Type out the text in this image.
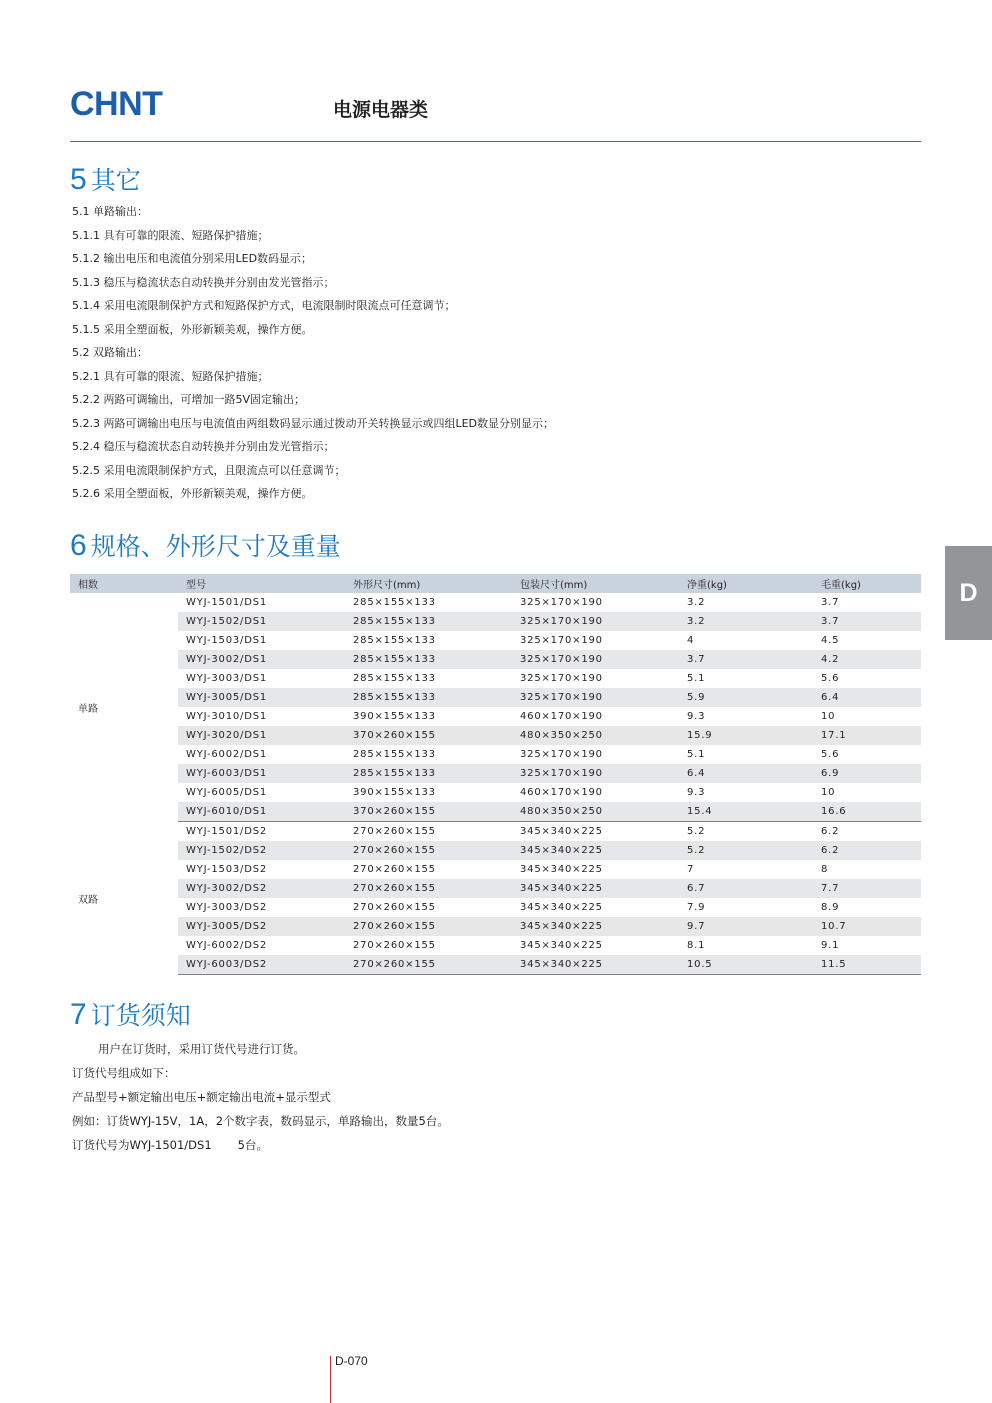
CHNT	电源电器类
5 其它
5.1 单路输出：
5.1.1 具有可靠的限流、短路保护措施；
5.1.2 输出电压和电流值分别采用LED数码显示；
5.1.3 稳压与稳流状态自动转换并分别由发光管指示；
5.1.4 采用电流限制保护方式和短路保护方式，电流限制时限流点可任意调节；
5.1.5 采用全塑面板，外形新颖美观，操作方便。
5.2 双路输出：
5.2.1 具有可靠的限流、短路保护措施；
5.2.2 两路可调输出，可增加一路5V固定输出；
5.2.3 两路可调输出电压与电流值由两组数码显示通过拨动开关转换显示或四组LED数显分别显示；
5.2.4 稳压与稳流状态自动转换并分别由发光管指示；
5.2.5 采用电流限制保护方式，且限流点可以任意调节；
5.2.6 采用全塑面板，外形新颖美观，操作方便。
6 规格、外形尺寸及重量
D
相数	型号	外形尺寸(mm)	包装尺寸(mm)	净重(kg)	毛重(kg)
单路	WYJ-1501/DS1	285×155×133	325×170×190	3.2	3.7
	WYJ-1502/DS1	285×155×133	325×170×190	3.2	3.7
	WYJ-1503/DS1	285×155×133	325×170×190	4	4.5
	WYJ-3002/DS1	285×155×133	325×170×190	3.7	4.2
	WYJ-3003/DS1	285×155×133	325×170×190	5.1	5.6
	WYJ-3005/DS1	285×155×133	325×170×190	5.9	6.4
	WYJ-3010/DS1	390×155×133	460×170×190	9.3	10
	WYJ-3020/DS1	370×260×155	480×350×250	15.9	17.1
	WYJ-6002/DS1	285×155×133	325×170×190	5.1	5.6
	WYJ-6003/DS1	285×155×133	325×170×190	6.4	6.9
	WYJ-6005/DS1	390×155×133	460×170×190	9.3	10
	WYJ-6010/DS1	370×260×155	480×350×250	15.4	16.6
双路	WYJ-1501/DS2	270×260×155	345×340×225	5.2	6.2
	WYJ-1502/DS2	270×260×155	345×340×225	5.2	6.2
	WYJ-1503/DS2	270×260×155	345×340×225	7	8
	WYJ-3002/DS2	270×260×155	345×340×225	6.7	7.7
	WYJ-3003/DS2	270×260×155	345×340×225	7.9	8.9
	WYJ-3005/DS2	270×260×155	345×340×225	9.7	10.7
	WYJ-6002/DS2	270×260×155	345×340×225	8.1	9.1
	WYJ-6003/DS2	270×260×155	345×340×225	10.5	11.5
7 订货须知
用户在订货时，采用订货代号进行订货。
订货代号组成如下：
产品型号+额定输出电压+额定输出电流+显示型式
例如：订货WYJ-15V，1A，2个数字表，数码显示，单路输出，数量5台。
订货代号为WYJ-1501/DS1 5台。
D-070
